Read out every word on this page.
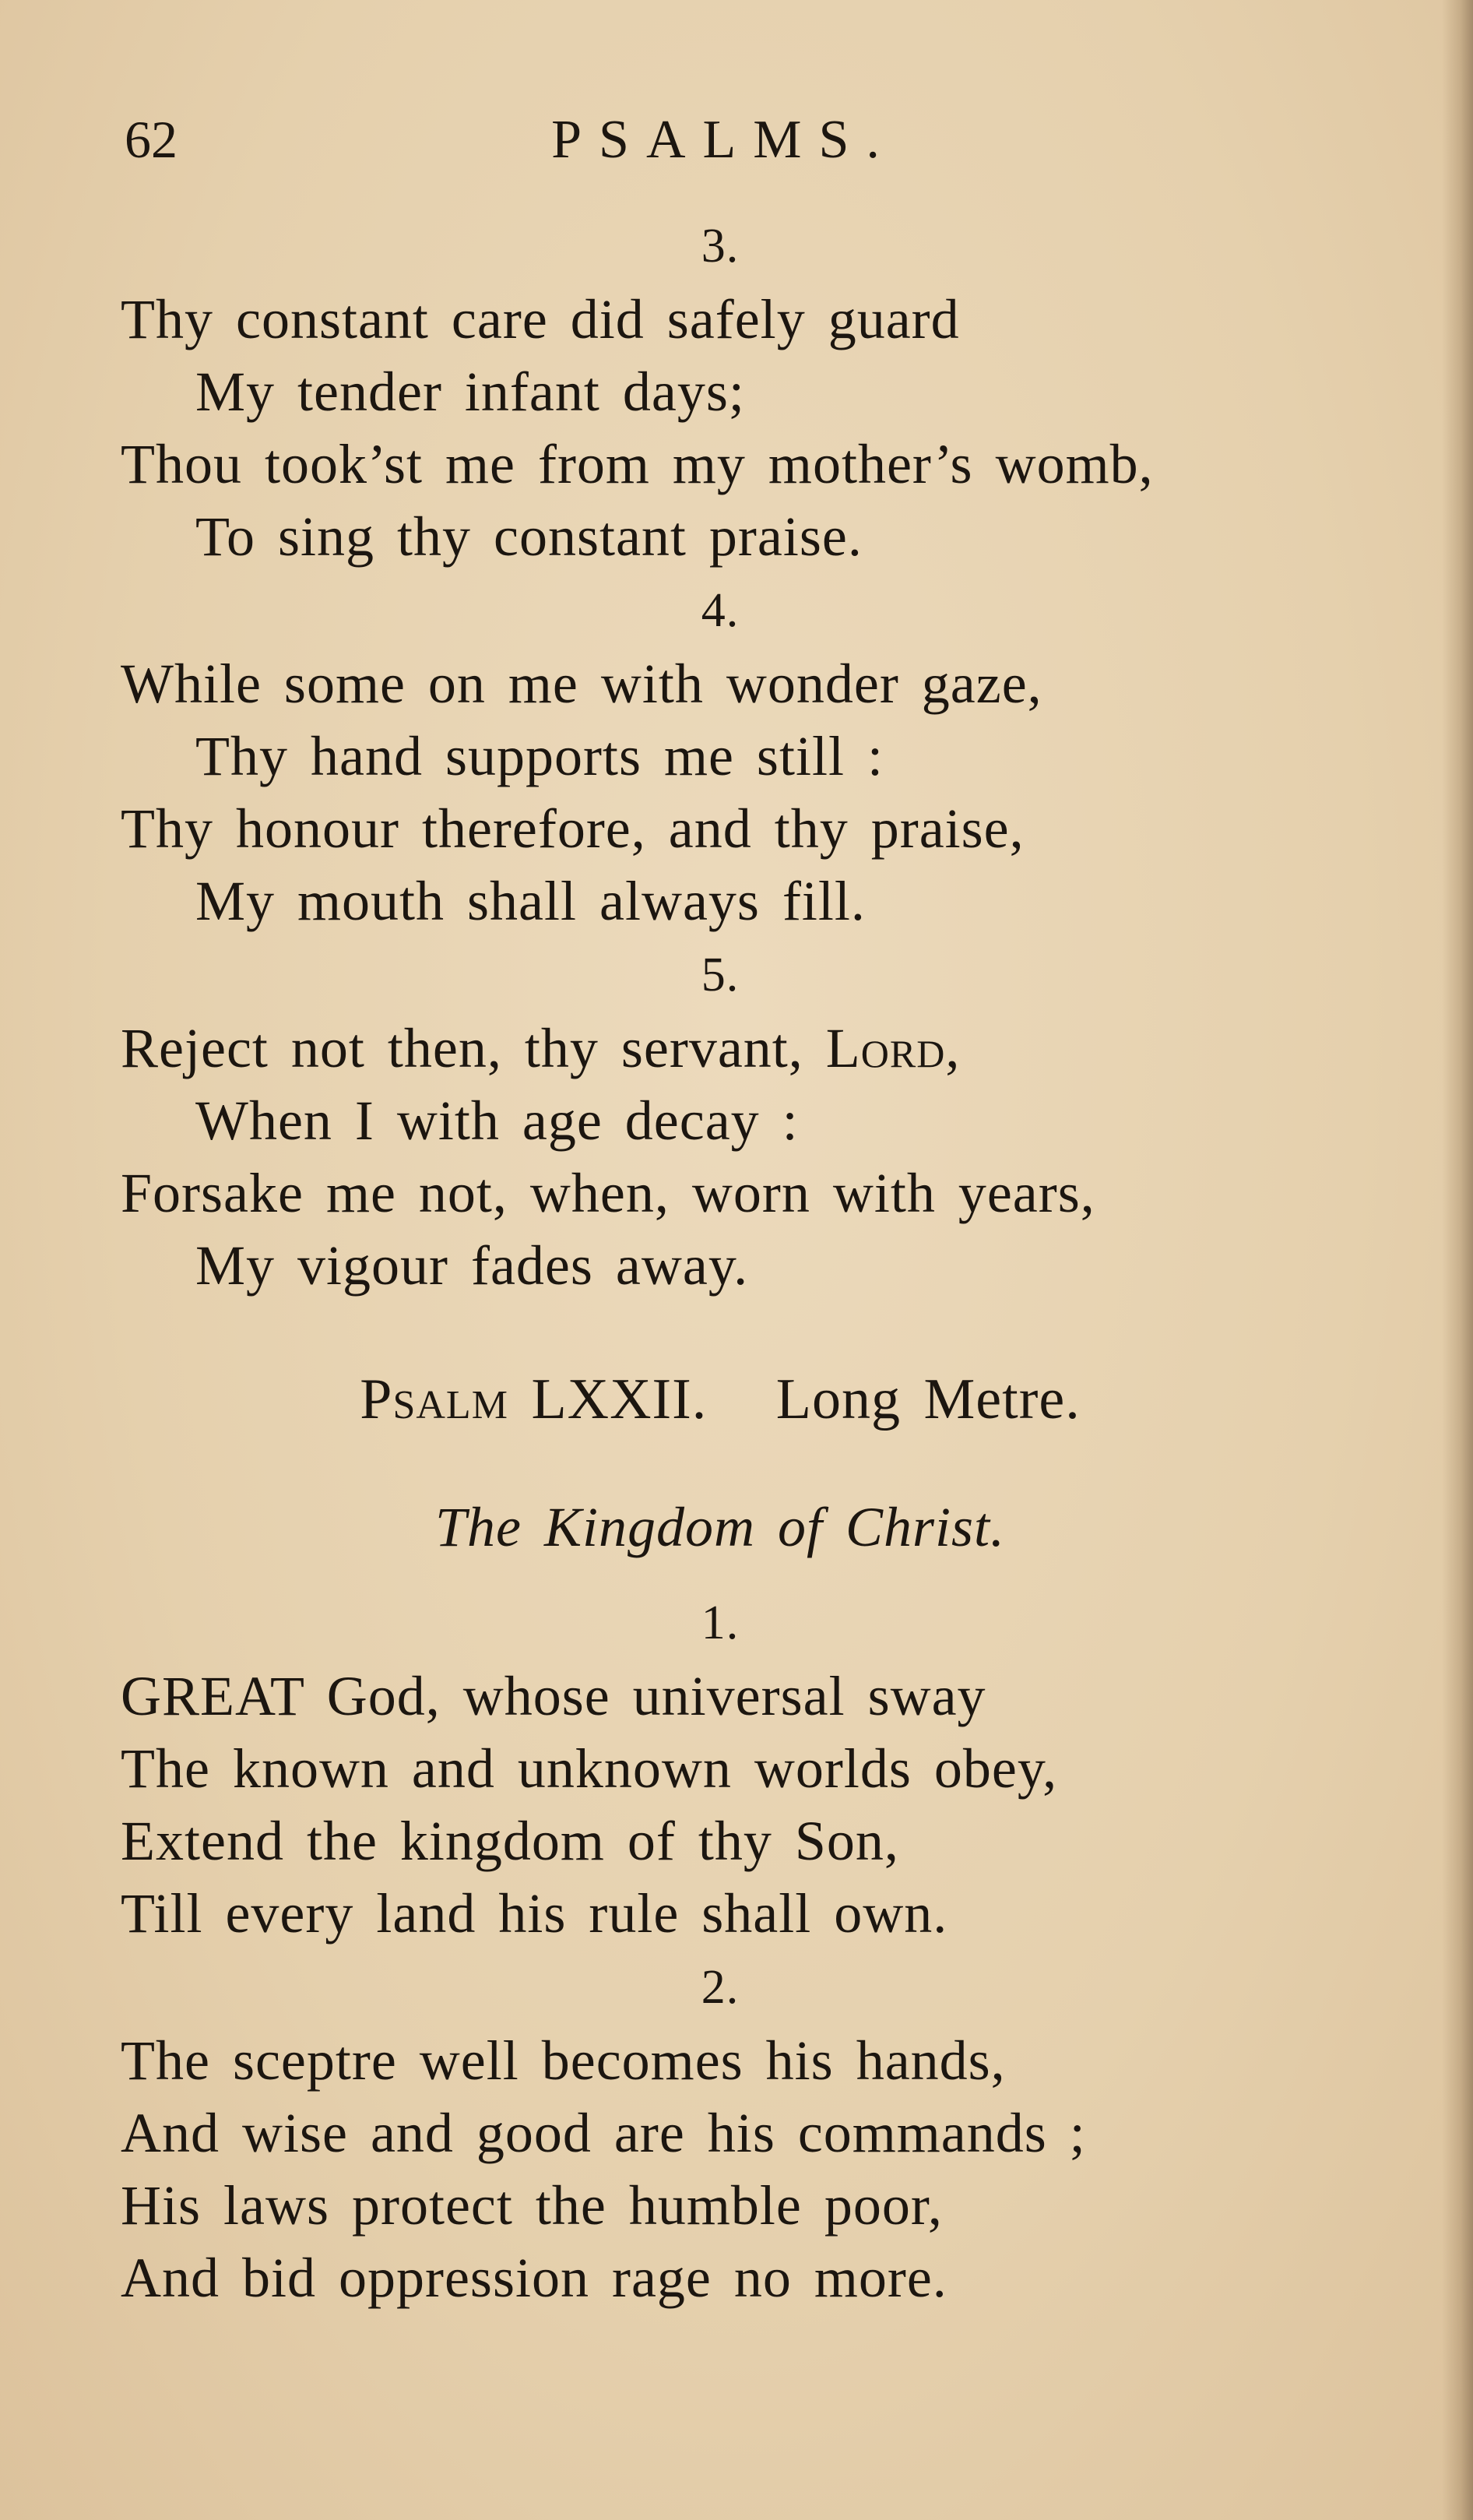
62	PSALMS.
3.
Thy constant care did safely guard
My tender infant days;
Thou took’st me from my mother’s womb,
To sing thy constant praise.
4.
While some on me with wonder gaze,
Thy hand supports me still :
Thy honour therefore, and thy praise,
My mouth shall always fill.
5.
Reject not then, thy servant, Lord,
When I with age decay :
Forsake me not, when, worn with years,
My vigour fades away.
Psalm LXXII.   Long Metre.
The Kingdom of Christ.
1.
GREAT God, whose universal sway
The known and unknown worlds obey,
Extend the kingdom of thy Son,
Till every land his rule shall own.
2.
The sceptre well becomes his hands,
And wise and good are his commands ;
His laws protect the humble poor,
And bid oppression rage no more.
